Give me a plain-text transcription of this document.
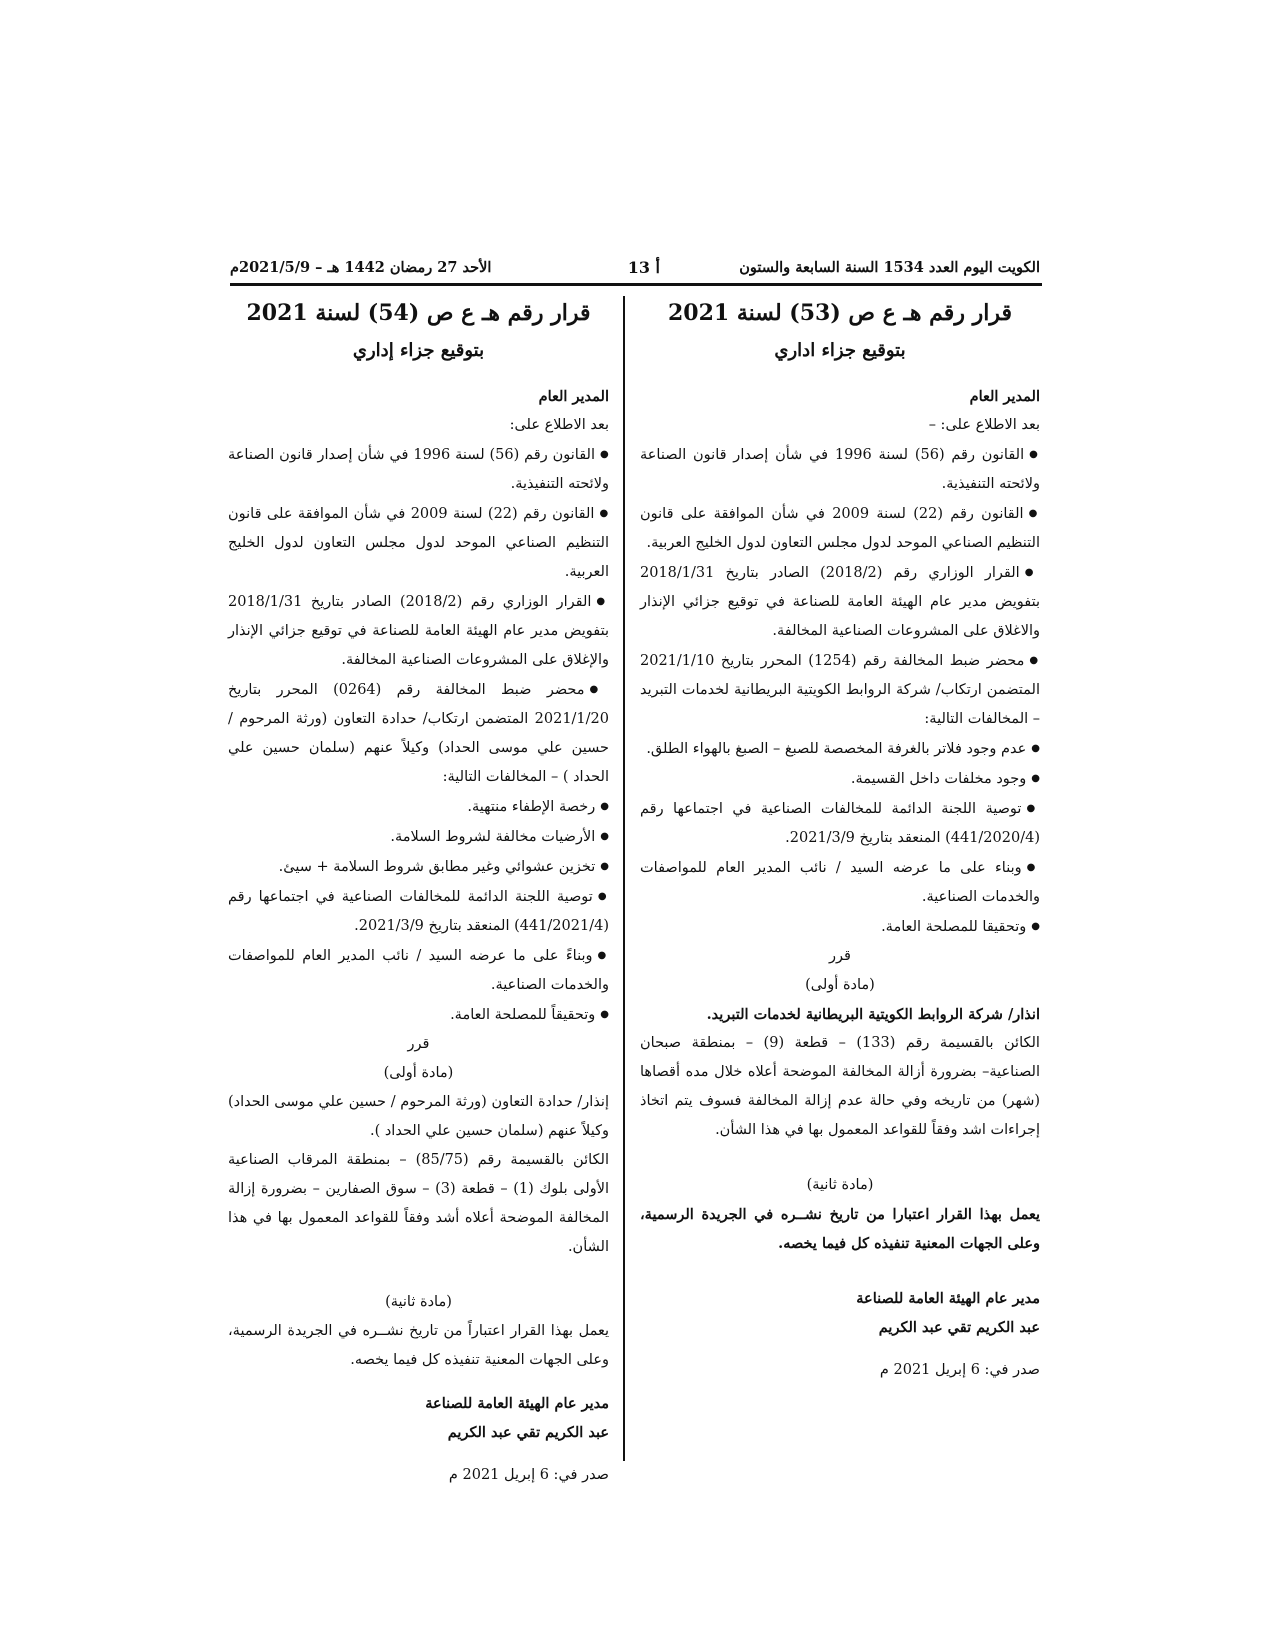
الكويت اليوم العدد 1534 السنة السابعة والستون
أ 13
الأحد 27 رمضان 1442 هـ – 2021/5/9م

قرار رقم هـ ع ص (53) لسنة 2021

بتوقيع جزاء اداري

المدير العام

بعد الاطلاع على: –

● القانون رقم (56) لسنة 1996 في شأن إصدار قانون الصناعة ولائحته التنفيذية.

● القانون رقم (22) لسنة 2009 في شأن الموافقة على قانون التنظيم الصناعي الموحد لدول مجلس التعاون لدول الخليج العربية.

● القرار الوزاري رقم (2018/2) الصادر بتاريخ 2018/1/31 بتفويض مدير عام الهيئة العامة للصناعة في توقيع جزائي الإنذار والاغلاق على المشروعات الصناعية المخالفة.

● محضر ضبط المخالفة رقم (1254) المحرر بتاريخ 2021/1/10 المتضمن ارتكاب/ شركة الروابط الكويتية البريطانية لخدمات التبريد – المخالفات التالية:

● عدم وجود فلاتر بالغرفة المخصصة للصبغ – الصبغ بالهواء الطلق.

● وجود مخلفات داخل القسيمة.

● توصية اللجنة الدائمة للمخالفات الصناعية في اجتماعها رقم (441/2020/4) المنعقد بتاريخ 2021/3/9.

● وبناء على ما عرضه السيد / نائب المدير العام للمواصفات والخدمات الصناعية.

● وتحقيقا للمصلحة العامة.

قرر

(مادة أولى)

انذار/ شركة الروابط الكويتية البريطانية لخدمات التبريد.

الكائن بالقسيمة رقم (133) – قطعة (9) – بمنطقة صبحان الصناعية– بضرورة أزالة المخالفة الموضحة أعلاه خلال مده أقصاها (شهر) من تاريخه وفي حالة عدم إزالة المخالفة فسوف يتم اتخاذ إجراءات اشد وفقاً للقواعد المعمول بها في هذا الشأن.

(مادة ثانية)

يعمل بهذا القرار اعتبارا من تاريخ نشــره في الجريدة الرسمية، وعلى الجهات المعنية تنفيذه كل فيما يخصه.

مدير عام الهيئة العامة للصناعة

عبد الكريم تقي عبد الكريم

صدر في: 6 إبريل 2021 م

قرار رقم هـ ع ص (54) لسنة 2021

بتوقيع جزاء إداري

المدير العام

بعد الاطلاع على:

● القانون رقم (56) لسنة 1996 في شأن إصدار قانون الصناعة ولائحته التنفيذية.

● القانون رقم (22) لسنة 2009 في شأن الموافقة على قانون التنظيم الصناعي الموحد لدول مجلس التعاون لدول الخليج العربية.

● القرار الوزاري رقم (2018/2) الصادر بتاريخ 2018/1/31 بتفويض مدير عام الهيئة العامة للصناعة في توقيع جزائي الإنذار والإغلاق على المشروعات الصناعية المخالفة.

● محضر ضبط المخالفة رقم (0264) المحرر بتاريخ 2021/1/20 المتضمن ارتكاب/ حدادة التعاون (ورثة المرحوم / حسين علي موسى الحداد) وكيلاً عنهم (سلمان حسين علي الحداد ) – المخالفات التالية:

● رخصة الإطفاء منتهية.

● الأرضيات مخالفة لشروط السلامة.

● تخزين عشوائي وغير مطابق شروط السلامة + سيئ.

● توصية اللجنة الدائمة للمخالفات الصناعية في اجتماعها رقم (441/2021/4) المنعقد بتاريخ 2021/3/9.

● وبناءً على ما عرضه السيد / نائب المدير العام للمواصفات والخدمات الصناعية.

● وتحقيقاً للمصلحة العامة.

قرر

(مادة أولى)

إنذار/ حدادة التعاون (ورثة المرحوم / حسين علي موسى الحداد) وكيلاً عنهم (سلمان حسين علي الحداد ).

الكائن بالقسيمة رقم (85/75) – بمنطقة المرقاب الصناعية الأولى بلوك (1) – قطعة (3) – سوق الصفارين – بضرورة إزالة المخالفة الموضحة أعلاه أشد وفقاً للقواعد المعمول بها في هذا الشأن.

(مادة ثانية)

يعمل بهذا القرار اعتباراً من تاريخ نشــره في الجريدة الرسمية، وعلى الجهات المعنية تنفيذه كل فيما يخصه.

مدير عام الهيئة العامة للصناعة

عبد الكريم تقي عبد الكريم

صدر في: 6 إبريل 2021 م
